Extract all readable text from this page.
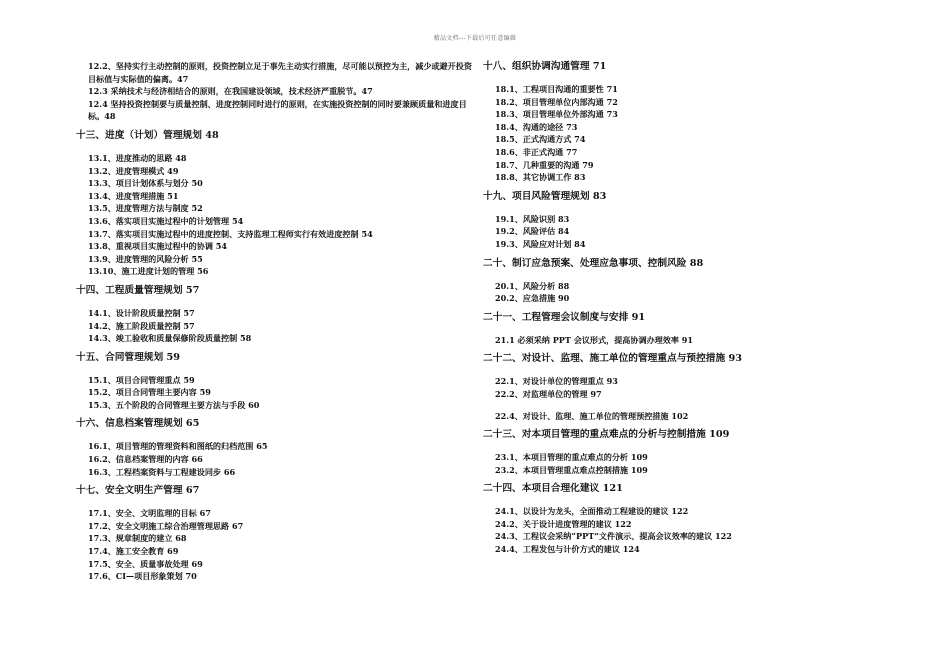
精品文档---下载后可任意编辑
12.2、坚持实行主动控制的原则，投资控制立足于事先主动实行措施，尽可能以预控为主，减少或避开投资目标值与实际值的偏离。47
12.3 采纳技术与经济相结合的原则，在我国建设领域，技术经济严重脱节。47
12.4 坚持投资控制要与质量控制、进度控制同时进行的原则，在实施投资控制的同时要兼顾质量和进度目标。48
十三、进度（计划）管理规划 48
13.1、进度推动的思路 48
13.2、进度管理模式 49
13.3、项目计划体系与划分 50
13.4、进度管理措施 51
13.5、进度管理方法与制度 52
13.6、落实项目实施过程中的计划管理 54
13.7、落实项目实施过程中的进度控制、支持监理工程师实行有效进度控制 54
13.8、重视项目实施过程中的协调 54
13.9、进度管理的风险分析 55
13.10、施工进度计划的管理 56
十四、工程质量管理规划 57
14.1、设计阶段质量控制 57
14.2、施工阶段质量控制 57
14.3、竣工验收和质量保修阶段质量控制 58
十五、合同管理规划 59
15.1、项目合同管理重点 59
15.2、项目合同管理主要内容 59
15.3、五个阶段的合同管理主要方法与手段 60
十六、信息档案管理规划 65
16.1、项目管理的管理资料和图纸的归档范围 65
16.2、信息档案管理的内容 66
16.3、工程档案资料与工程建设同步 66
十七、安全文明生产管理 67
17.1、安全、文明监理的目标 67
17.2、安全文明施工综合治理管理思路 67
17.3、规章制度的建立 68
17.4、施工安全教育 69
17.5、安全、质量事故处理 69
17.6、CI—项目形象策划 70
十八、组织协调沟通管理 71
18.1、工程项目沟通的重要性 71
18.2、项目管理单位内部沟通 72
18.3、项目管理单位外部沟通 73
18.4、沟通的途径 73
18.5、正式沟通方式 74
18.6、非正式沟通 77
18.7、几种重要的沟通 79
18.8、其它协调工作 83
十九、项目风险管理规划 83
19.1、风险识别 83
19.2、风险评估 84
19.3、风险应对计划 84
二十、制订应急预案、处理应急事项、控制风险 88
20.1、风险分析 88
20.2、应急措施 90
二十一、工程管理会议制度与安排 91
21.1 必须采纳 PPT 会议形式，提高协调办理效率 91
二十二、对设计、监理、施工单位的管理重点与预控措施 93
22.1、对设计单位的管理重点 93
22.2、对监理单位的管理 97
22.4、对设计、监理、施工单位的管理预控措施 102
二十三、对本项目管理的重点难点的分析与控制措施 109
23.1、本项目管理的重点难点的分析 109
23.2、本项目管理重点难点控制措施 109
二十四、本项目合理化建议 121
24.1、以设计为龙头，全面推动工程建设的建议 122
24.2、关于设计进度管理的建议 122
24.3、工程议会采纳“PPT”文件演示、提高会议效率的建议 122
24.4、工程发包与计价方式的建议 124
